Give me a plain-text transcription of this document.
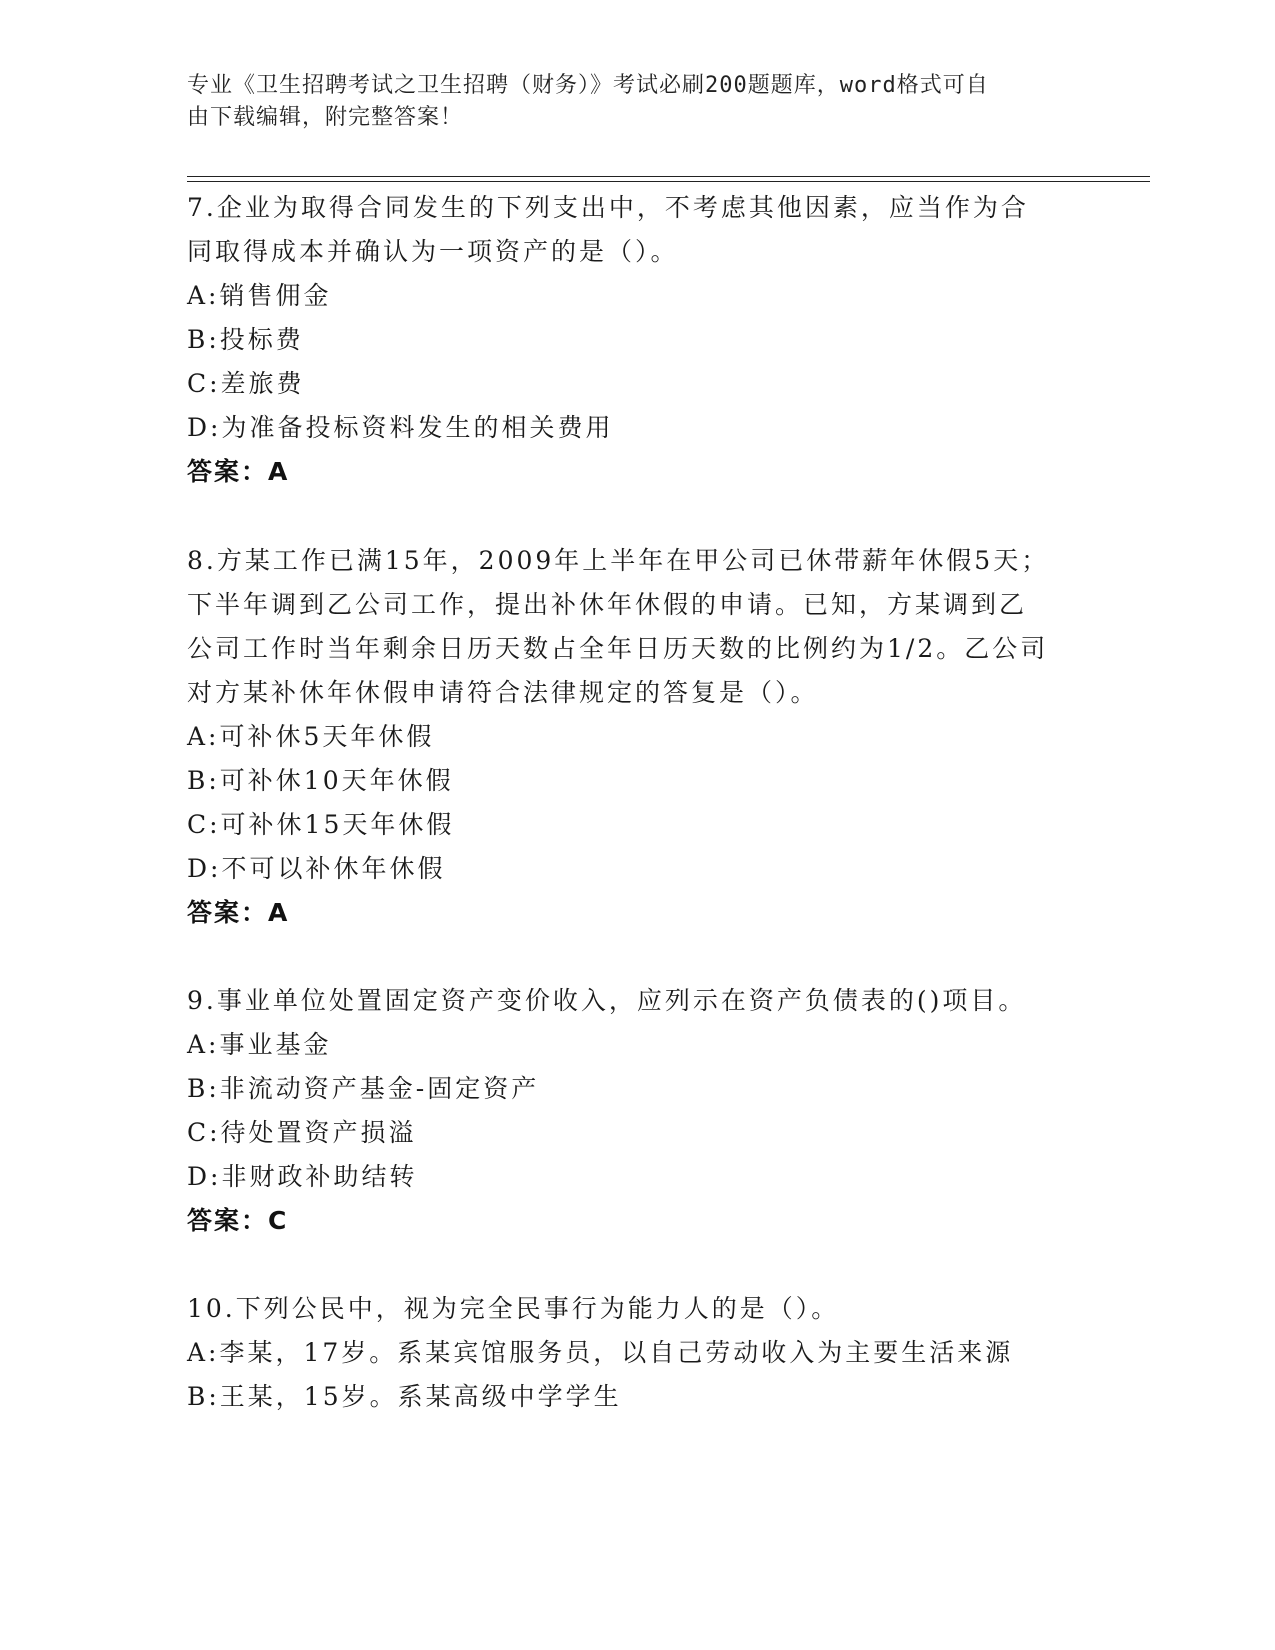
专业《卫生招聘考试之卫生招聘（财务）》考试必刷200题题库，word格式可自
由下载编辑，附完整答案！
7.企业为取得合同发生的下列支出中，不考虑其他因素，应当作为合
同取得成本并确认为一项资产的是（）。
A:销售佣金
B:投标费
C:差旅费
D:为准备投标资料发生的相关费用
答案：A
8.方某工作已满15年，2009年上半年在甲公司已休带薪年休假5天；
下半年调到乙公司工作，提出补休年休假的申请。已知，方某调到乙
公司工作时当年剩余日历天数占全年日历天数的比例约为1/2。乙公司
对方某补休年休假申请符合法律规定的答复是（）。
A:可补休5天年休假
B:可补休10天年休假
C:可补休15天年休假
D:不可以补休年休假
答案：A
9.事业单位处置固定资产变价收入，应列示在资产负债表的()项目。
A:事业基金
B:非流动资产基金-固定资产
C:待处置资产损溢
D:非财政补助结转
答案：C
10.下列公民中，视为完全民事行为能力人的是（）。
A:李某，17岁。系某宾馆服务员，以自己劳动收入为主要生活来源
B:王某，15岁。系某高级中学学生
